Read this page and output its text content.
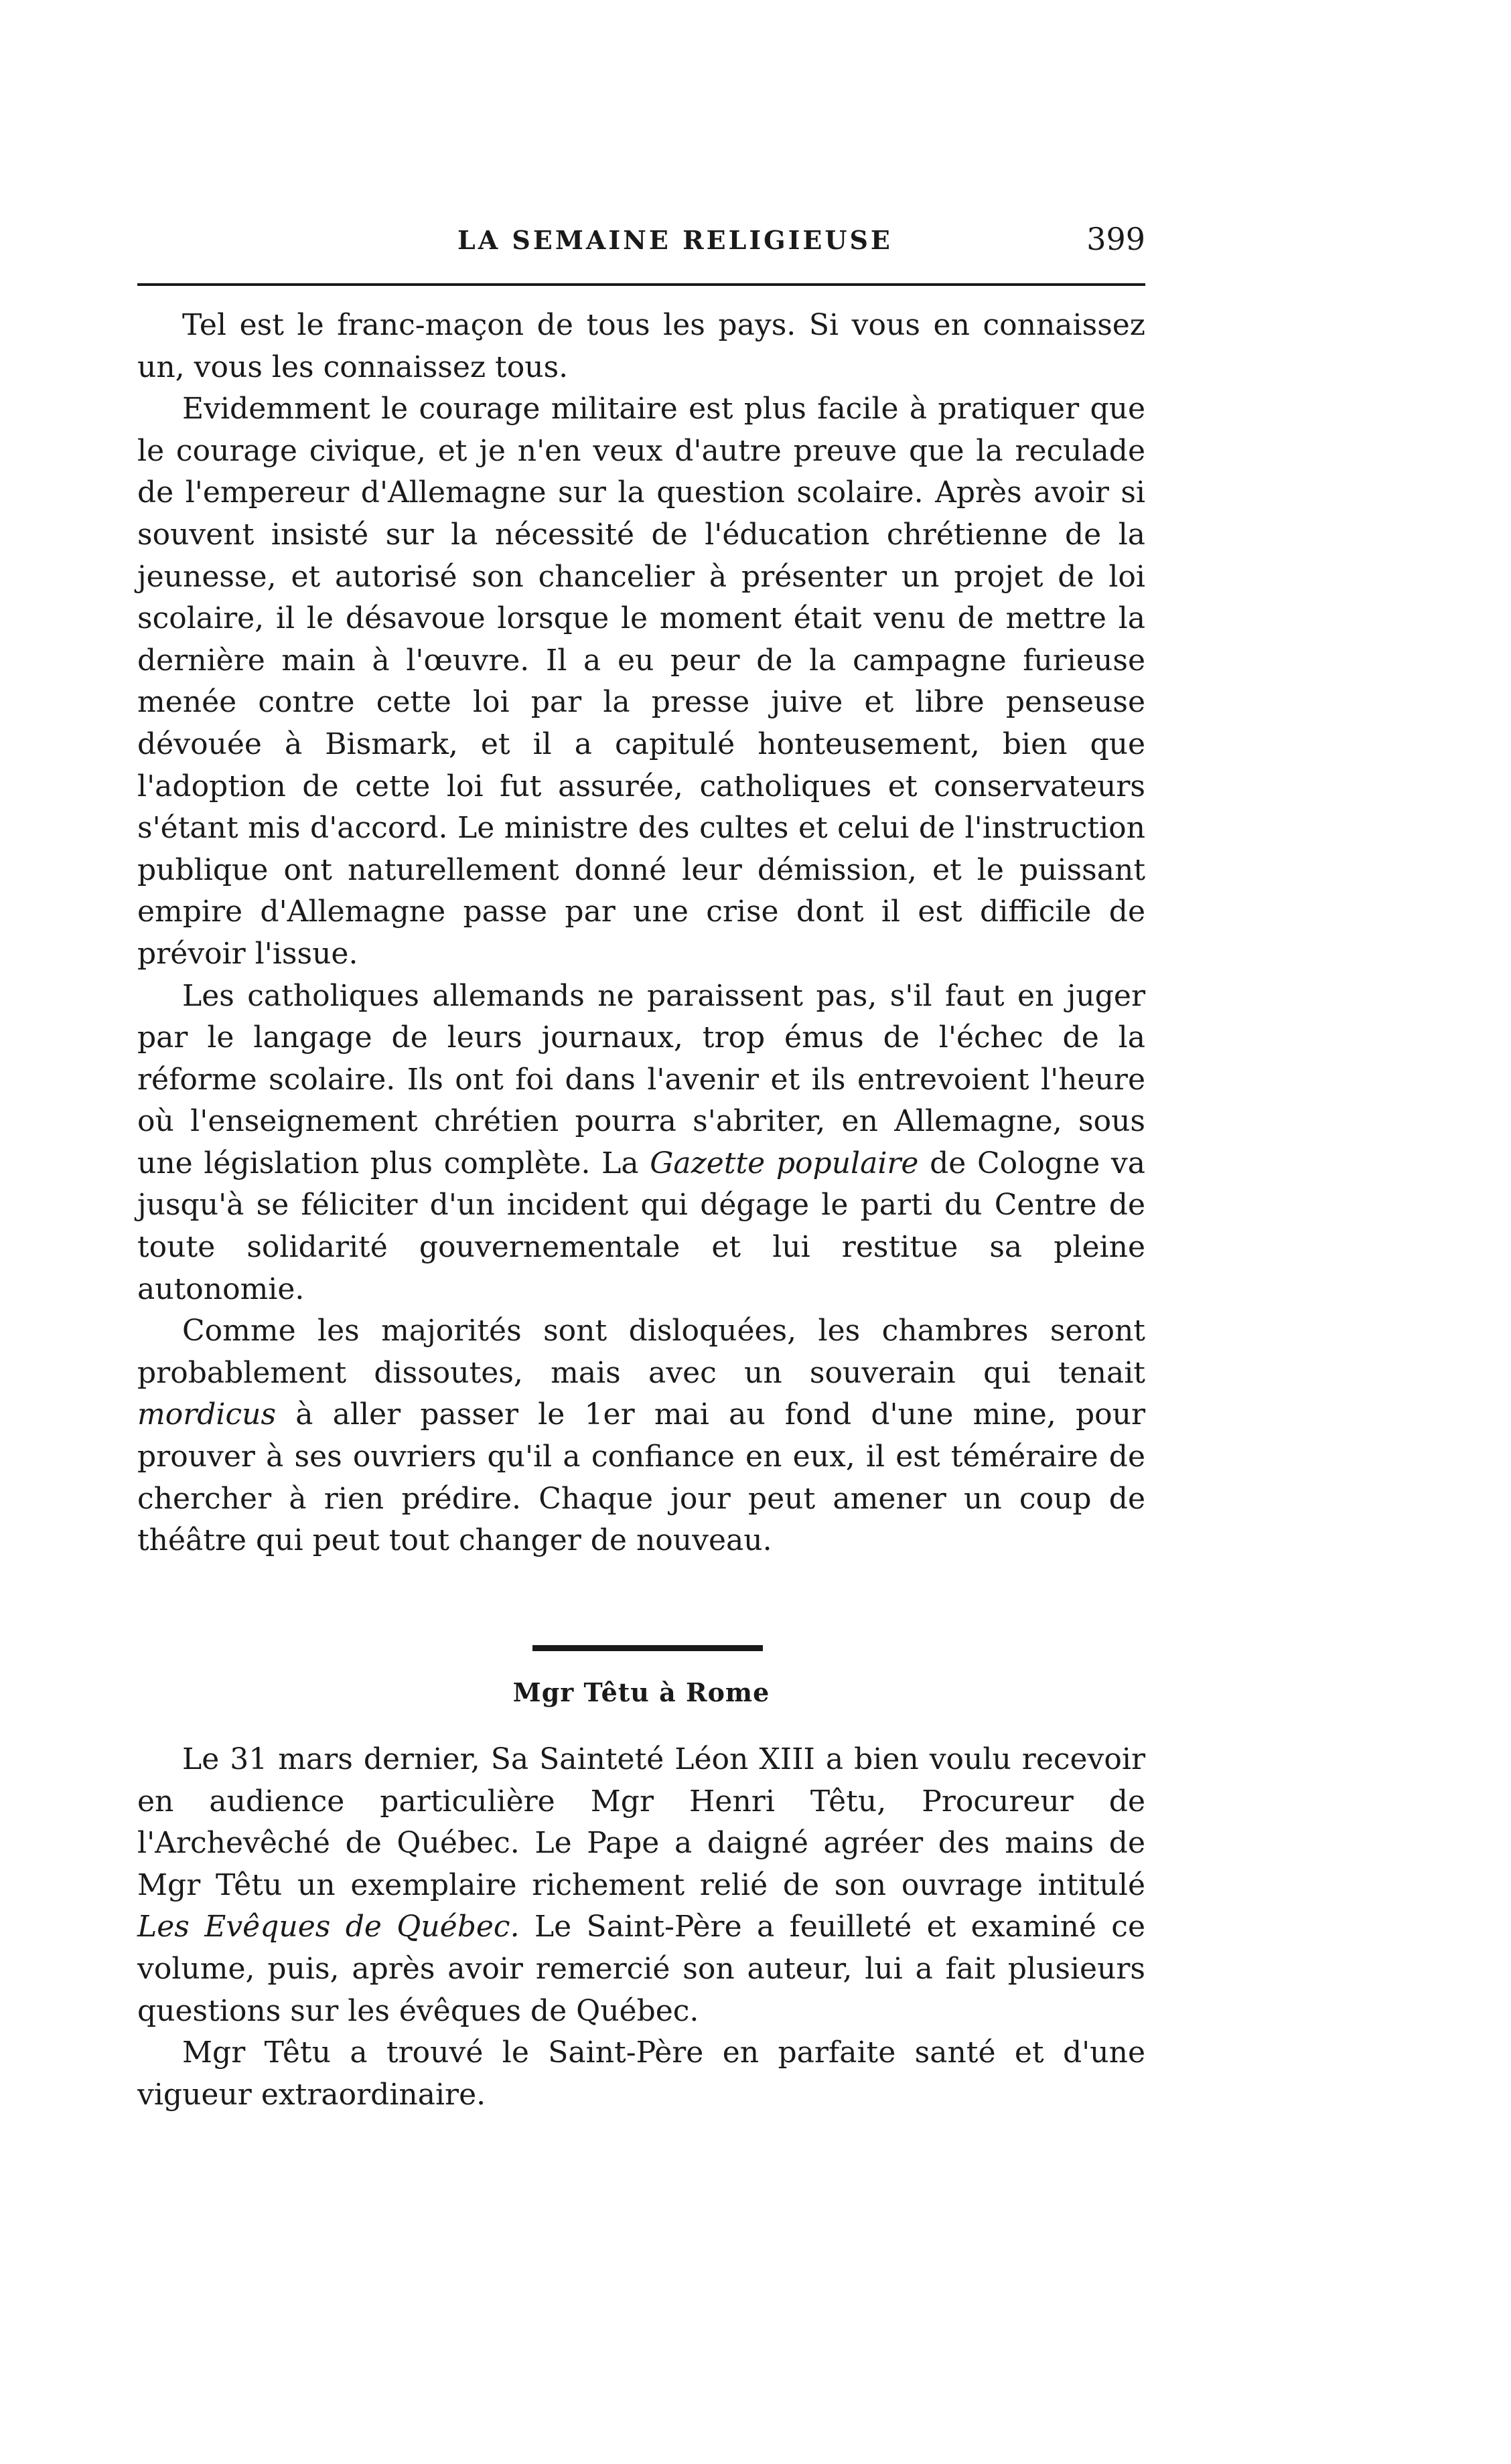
LA SEMAINE RELIGIEUSE	399

Tel est le franc-maçon de tous les pays. Si vous en connaissez un, vous les connaissez tous.

Evidemment le courage militaire est plus facile à pratiquer que le courage civique, et je n'en veux d'autre preuve que la reculade de l'empereur d'Allemagne sur la question scolaire. Après avoir si souvent insisté sur la nécessité de l'éducation chrétienne de la jeunesse, et autorisé son chancelier à présenter un projet de loi scolaire, il le désavoue lorsque le moment était venu de mettre la dernière main à l'œuvre. Il a eu peur de la campagne furieuse menée contre cette loi par la presse juive et libre penseuse dévouée à Bismark, et il a capitulé honteusement, bien que l'adoption de cette loi fut assurée, catholiques et conservateurs s'étant mis d'accord. Le ministre des cultes et celui de l'instruction publique ont naturellement donné leur démission, et le puissant empire d'Allemagne passe par une crise dont il est difficile de prévoir l'issue.

Les catholiques allemands ne paraissent pas, s'il faut en juger par le langage de leurs journaux, trop émus de l'échec de la réforme scolaire. Ils ont foi dans l'avenir et ils entrevoient l'heure où l'enseignement chrétien pourra s'abriter, en Allemagne, sous une législation plus complète. La Gazette populaire de Cologne va jusqu'à se féliciter d'un incident qui dégage le parti du Centre de toute solidarité gouvernementale et lui restitue sa pleine autonomie.

Comme les majorités sont disloquées, les chambres seront probablement dissoutes, mais avec un souverain qui tenait mordicus à aller passer le 1er mai au fond d'une mine, pour prouver à ses ouvriers qu'il a confiance en eux, il est téméraire de chercher à rien prédire. Chaque jour peut amener un coup de théâtre qui peut tout changer de nouveau.

Mgr Têtu à Rome

Le 31 mars dernier, Sa Sainteté Léon XIII a bien voulu recevoir en audience particulière Mgr Henri Têtu, Procureur de l'Archevêché de Québec. Le Pape a daigné agréer des mains de Mgr Têtu un exemplaire richement relié de son ouvrage intitulé Les Evêques de Québec. Le Saint-Père a feuilleté et examiné ce volume, puis, après avoir remercié son auteur, lui a fait plusieurs questions sur les évêques de Québec.

Mgr Têtu a trouvé le Saint-Père en parfaite santé et d'une vigueur extraordinaire.
